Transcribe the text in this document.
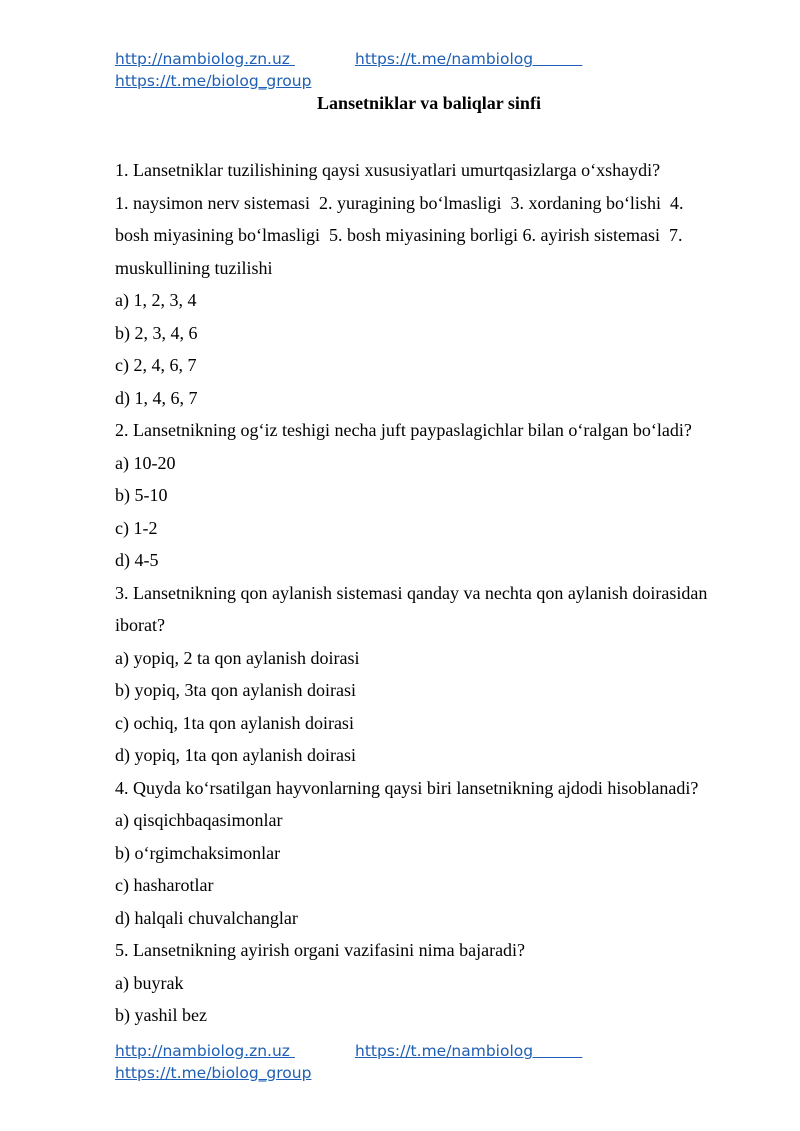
http://nambiolog.zn.uz	https://t.me/nambiolog
https://t.me/biolog_group
Lansetniklar va baliqlar sinfi
1. Lansetniklar tuzilishining qaysi xususiyatlari umurtqasizlarga o‘xshaydi?
1. naysimon nerv sistemasi  2. yuragining bo‘lmasligi  3. xordaning bo‘lishi  4.
bosh miyasining bo‘lmasligi  5. bosh miyasining borligi 6. ayirish sistemasi  7.
muskullining tuzilishi
a) 1, 2, 3, 4
b) 2, 3, 4, 6
c) 2, 4, 6, 7
d) 1, 4, 6, 7
2. Lansetnikning og‘iz teshigi necha juft paypaslagichlar bilan o‘ralgan bo‘ladi?
a) 10-20
b) 5-10
c) 1-2
d) 4-5
3. Lansetnikning qon aylanish sistemasi qanday va nechta qon aylanish doirasidan
iborat?
a) yopiq, 2 ta qon aylanish doirasi
b) yopiq, 3ta qon aylanish doirasi
c) ochiq, 1ta qon aylanish doirasi
d) yopiq, 1ta qon aylanish doirasi
4. Quyda ko‘rsatilgan hayvonlarning qaysi biri lansetnikning ajdodi hisoblanadi?
a) qisqichbaqasimonlar
b) o‘rgimchaksimonlar
c) hasharotlar
d) halqali chuvalchanglar
5. Lansetnikning ayirish organi vazifasini nima bajaradi?
a) buyrak
b) yashil bez
http://nambiolog.zn.uz	https://t.me/nambiolog
https://t.me/biolog_group
